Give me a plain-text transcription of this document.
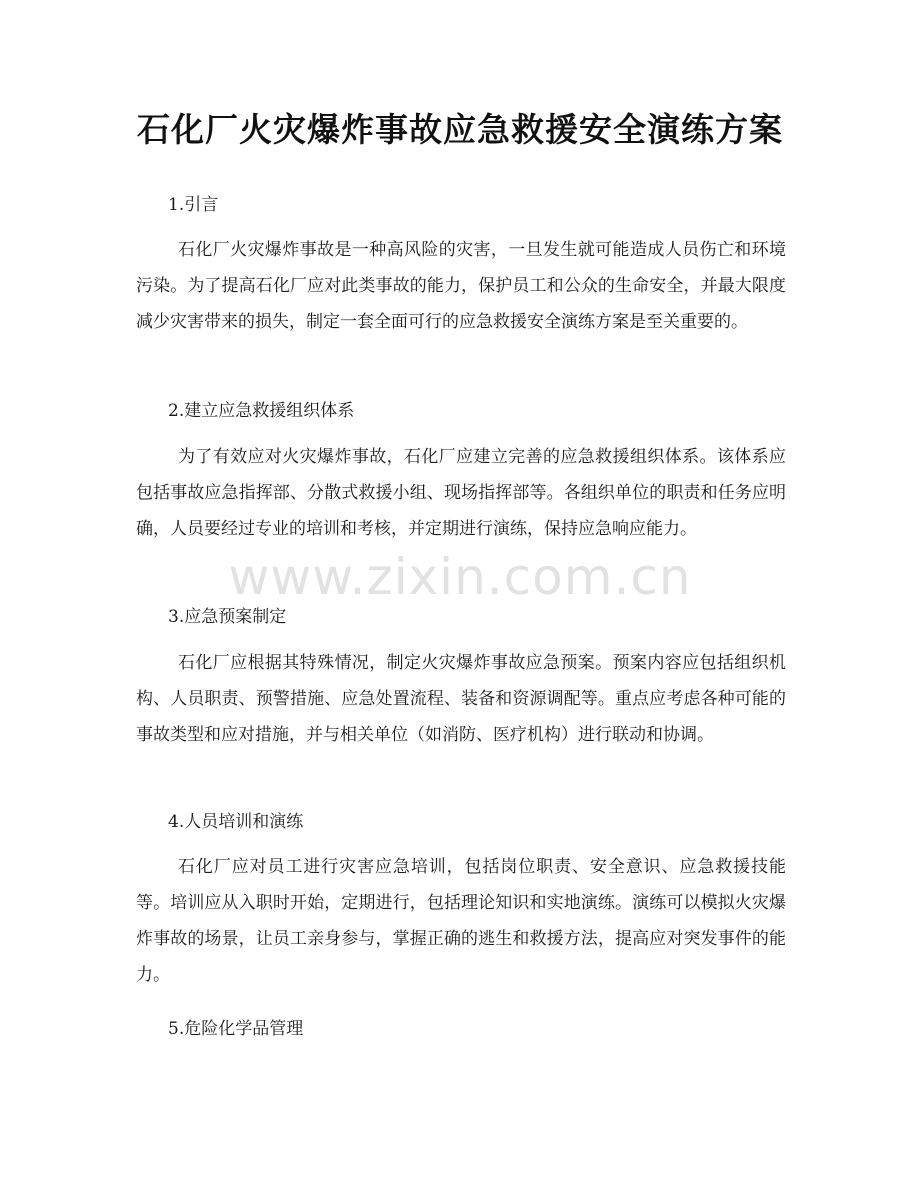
石化厂火灾爆炸事故应急救援安全演练方案
1.引言

石化厂火灾爆炸事故是一种高风险的灾害，一旦发生就可能造成人员伤亡和环境污染。为了提高石化厂应对此类事故的能力，保护员工和公众的生命安全，并最大限度减少灾害带来的损失，制定一套全面可行的应急救援安全演练方案是至关重要的。

2.建立应急救援组织体系

为了有效应对火灾爆炸事故，石化厂应建立完善的应急救援组织体系。该体系应包括事故应急指挥部、分散式救援小组、现场指挥部等。各组织单位的职责和任务应明确，人员要经过专业的培训和考核，并定期进行演练，保持应急响应能力。

3.应急预案制定

石化厂应根据其特殊情况，制定火灾爆炸事故应急预案。预案内容应包括组织机构、人员职责、预警措施、应急处置流程、装备和资源调配等。重点应考虑各种可能的事故类型和应对措施，并与相关单位（如消防、医疗机构）进行联动和协调。

4.人员培训和演练

石化厂应对员工进行灾害应急培训，包括岗位职责、安全意识、应急救援技能等。培训应从入职时开始，定期进行，包括理论知识和实地演练。演练可以模拟火灾爆炸事故的场景，让员工亲身参与，掌握正确的逃生和救援方法，提高应对突发事件的能力。

5.危险化学品管理
www.zixin.com.cn
